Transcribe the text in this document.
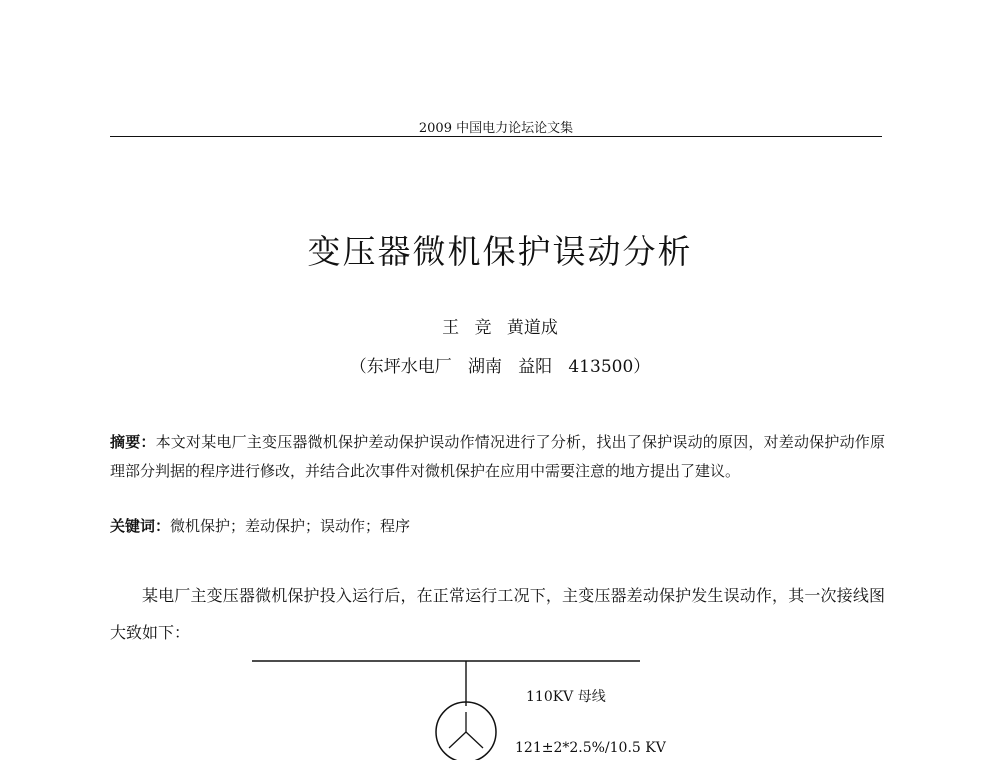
2009 中国电力论坛论文集
变压器微机保护误动分析
王 竞 黄道成
（东坪水电厂   湖南   益阳   413500）
摘要：本文对某电厂主变压器微机保护差动保护误动作情况进行了分析，找出了保护误动的原因，对差动保护动作原理部分判据的程序进行修改，并结合此次事件对微机保护在应用中需要注意的地方提出了建议。
关键词：微机保护；差动保护；误动作；程序
某电厂主变压器微机保护投入运行后，在正常运行工况下，主变压器差动保护发生误动作，其一次接线图大致如下：
110KV 母线
121±2*2.5%/10.5 KV
